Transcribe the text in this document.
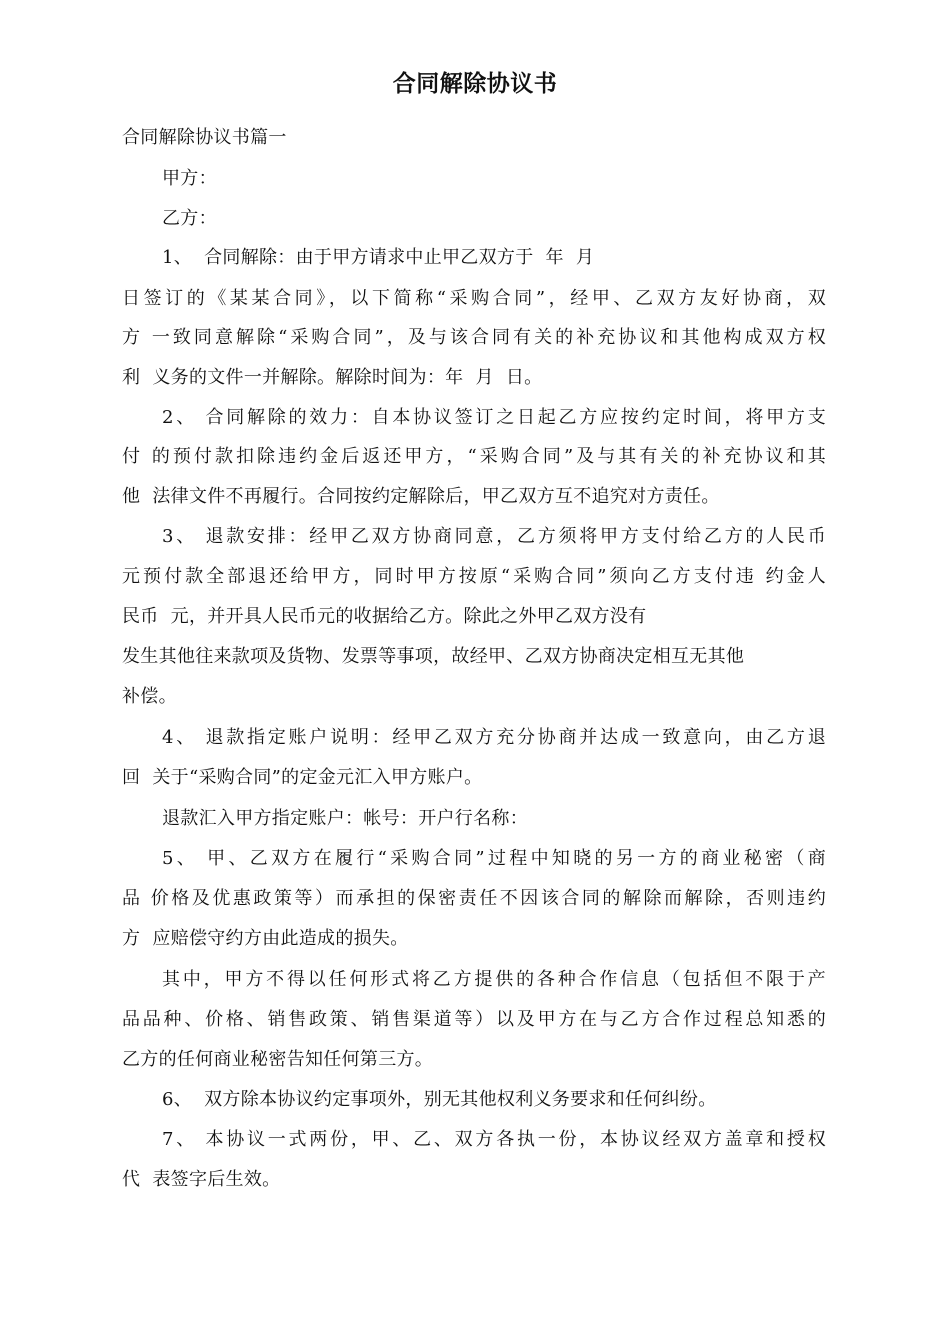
合同解除协议书
合同解除协议书篇一
甲方：
乙方：
1、  合同解除：由于甲方请求中止甲乙双方于  年  月
日签订的《某某合同》，以下简称“采购合同”，经甲、乙双方友好协商，双
方 一致同意解除“采购合同”，及与该合同有关的补充协议和其他构成双方权
利  义务的文件一并解除。解除时间为：年  月  日。
2、 合同解除的效力：自本协议签订之日起乙方应按约定时间，将甲方支
付 的预付款扣除违约金后返还甲方，“采购合同”及与其有关的补充协议和其
他  法律文件不再履行。合同按约定解除后，甲乙双方互不追究对方责任。
3、 退款安排：经甲乙双方协商同意，乙方须将甲方支付给乙方的人民币
元预付款全部退还给甲方，同时甲方按原“采购合同”须向乙方支付违 约金人
民币  元，并开具人民币元的收据给乙方。除此之外甲乙双方没有
发生其他往来款项及货物、发票等事项，故经甲、乙双方协商决定相互无其他
补偿。
4、 退款指定账户说明：经甲乙双方充分协商并达成一致意向，由乙方退
回  关于“采购合同”的定金元汇入甲方账户。
退款汇入甲方指定账户：帐号：开户行名称：
5、 甲、乙双方在履行“采购合同”过程中知晓的另一方的商业秘密（商
品 价格及优惠政策等）而承担的保密责任不因该合同的解除而解除，否则违约
方  应赔偿守约方由此造成的损失。
其中，甲方不得以任何形式将乙方提供的各种合作信息（包括但不限于产
品品种、价格、销售政策、销售渠道等）以及甲方在与乙方合作过程总知悉的
乙方的任何商业秘密告知任何第三方。
6、  双方除本协议约定事项外，别无其他权利义务要求和任何纠纷。
7、 本协议一式两份，甲、乙、双方各执一份，本协议经双方盖章和授权
代  表签字后生效。
